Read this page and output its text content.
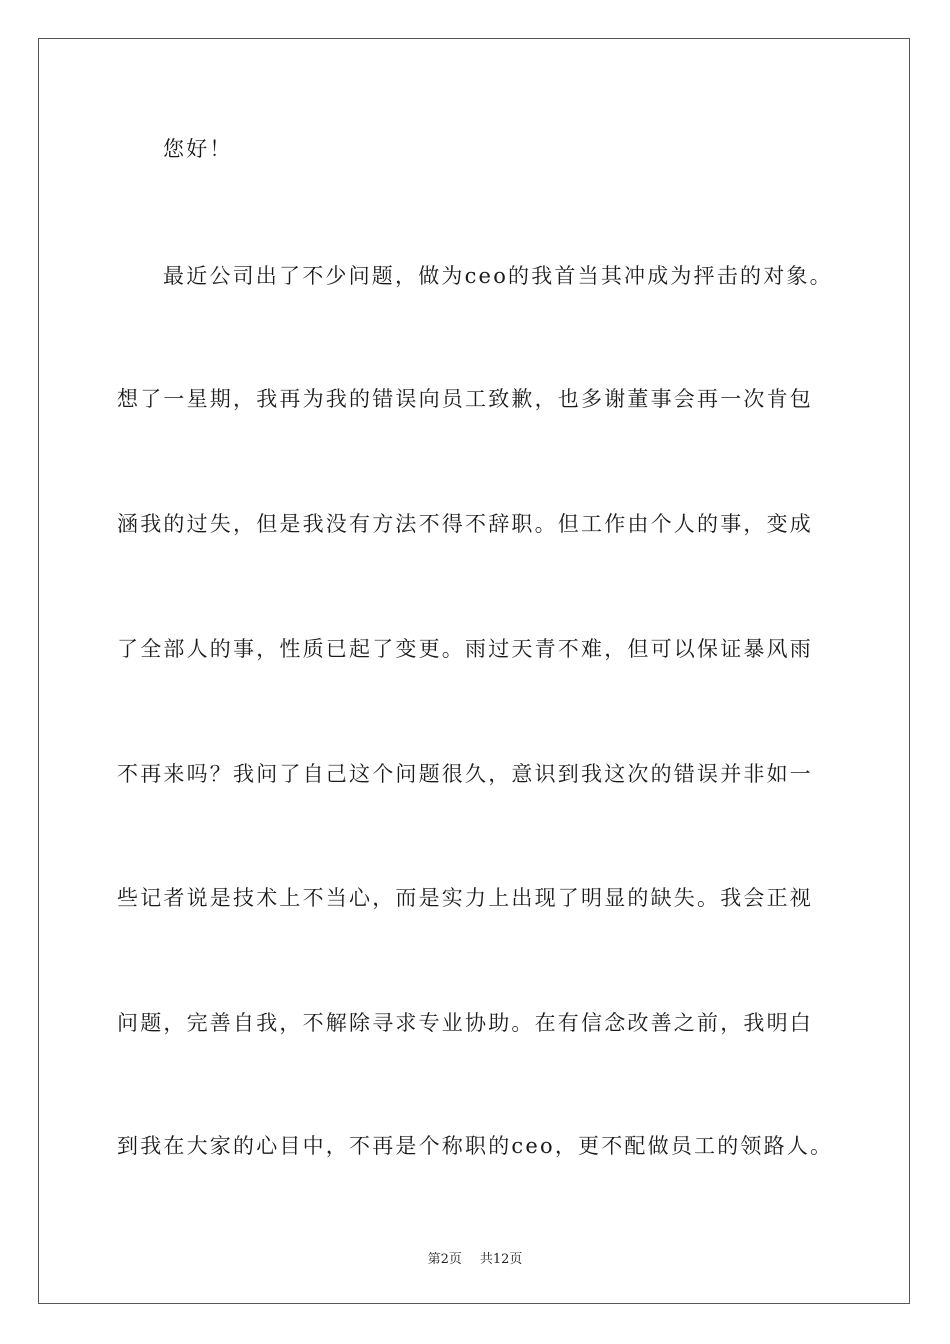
您好！
最近公司出了不少问题，做为ceo的我首当其冲成为抨击的对象。
想了一星期，我再为我的错误向员工致歉，也多谢董事会再一次肯包
涵我的过失，但是我没有方法不得不辞职。但工作由个人的事，变成
了全部人的事，性质已起了变更。雨过天青不难，但可以保证暴风雨
不再来吗？我问了自己这个问题很久，意识到我这次的错误并非如一
些记者说是技术上不当心，而是实力上出现了明显的缺失。我会正视
问题，完善自我，不解除寻求专业协助。在有信念改善之前，我明白
到我在大家的心目中，不再是个称职的ceo，更不配做员工的领路人。
第2页 共12页
